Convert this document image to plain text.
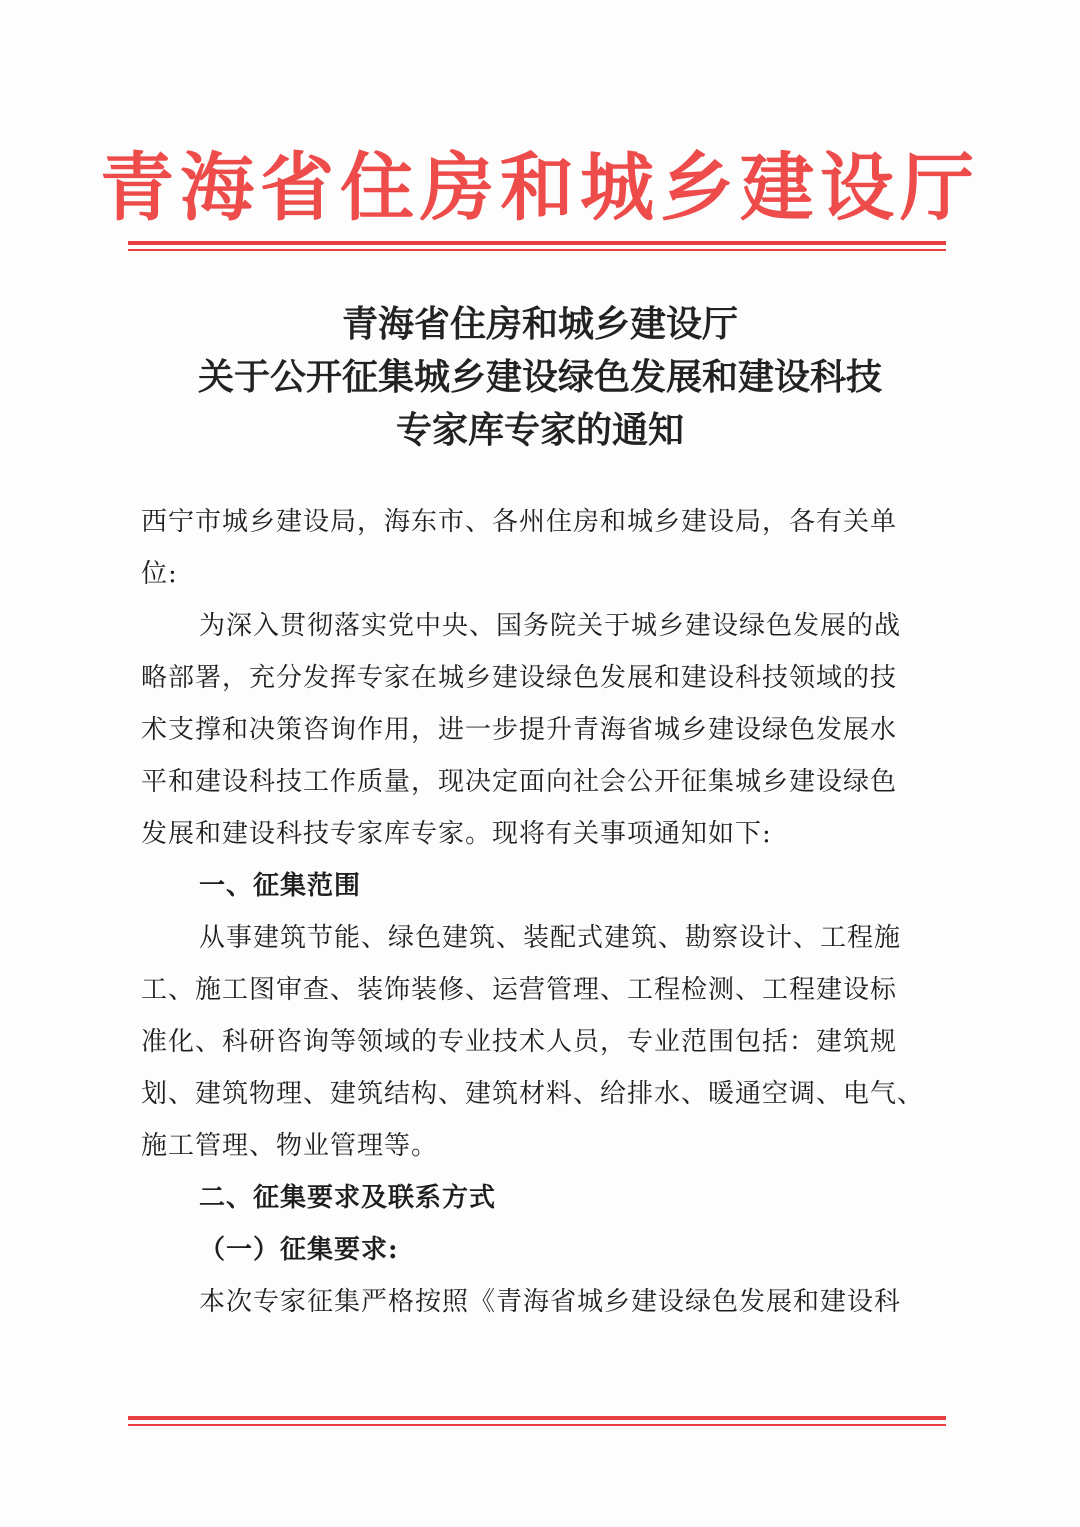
青海省住房和城乡建设厅
青海省住房和城乡建设厅
关于公开征集城乡建设绿色发展和建设科技
专家库专家的通知
西宁市城乡建设局，海东市、各州住房和城乡建设局，各有关单
位:
为深入贯彻落实党中央、国务院关于城乡建设绿色发展的战
略部署，充分发挥专家在城乡建设绿色发展和建设科技领域的技
术支撑和决策咨询作用，进一步提升青海省城乡建设绿色发展水
平和建设科技工作质量，现决定面向社会公开征集城乡建设绿色
发展和建设科技专家库专家。现将有关事项通知如下:
一、征集范围
从事建筑节能、绿色建筑、装配式建筑、勘察设计、工程施
工、施工图审查、装饰装修、运营管理、工程检测、工程建设标
准化、科研咨询等领域的专业技术人员，专业范围包括：建筑规
划、建筑物理、建筑结构、建筑材料、给排水、暖通空调、电气、
施工管理、物业管理等。
二、征集要求及联系方式
（一）征集要求:
本次专家征集严格按照《青海省城乡建设绿色发展和建设科
